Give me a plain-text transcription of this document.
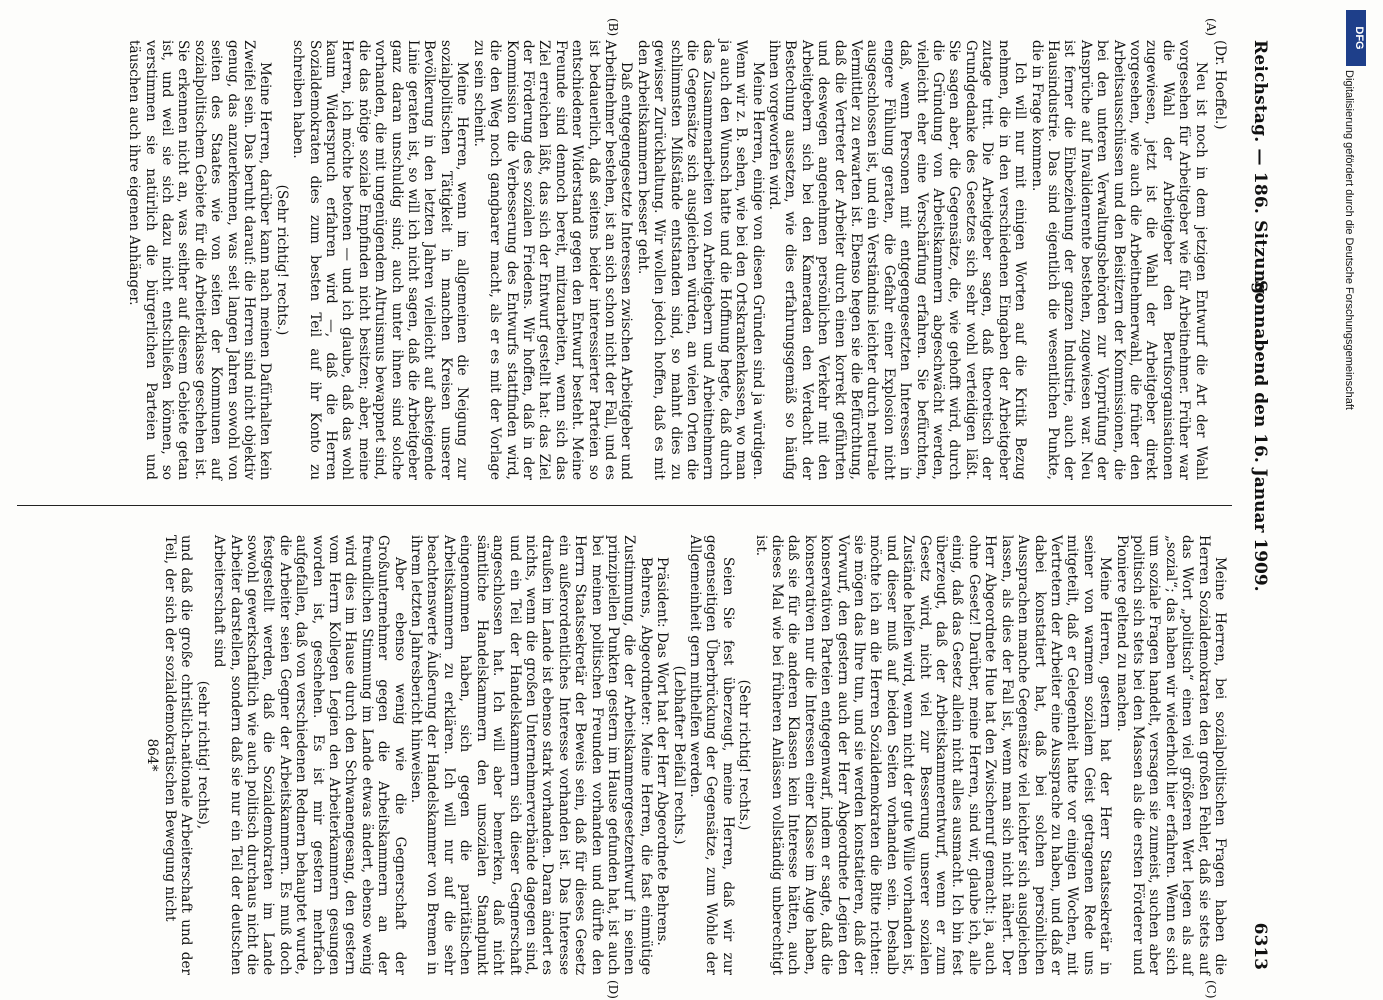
Reichstag. — 186. Sitzung.
Sonnabend den 16. Januar 1909.
6313
(A)
(B)
(C)
(D)

(Dr. Hoeffel.)

Neu ist noch in dem jetzigen Entwurf die Art der Wahl vorgesehen für Arbeitgeber wie für Arbeitnehmer. Früher war die Wahl der Arbeitgeber den Berufsorganisationen zugewiesen, jetzt ist die Wahl der Arbeitgeber direkt vorgesehen, wie auch die Arbeitnehmerwahl, die früher den Arbeitsausschüssen und den Beisitzern der Kommissionen, die bei den unteren Verwaltungsbehörden zur Vorprüfung der Ansprüche auf Invalidenrente bestehen, zugewiesen war. Neu ist ferner die Einbeziehung der ganzen Industrie, auch der Hausindustrie. Das sind eigentlich die wesentlichen Punkte, die in Frage kommen.

Ich will nur mit einigen Worten auf die Kritik Bezug nehmen, die in den verschiedenen Eingaben der Arbeitgeber zutage tritt. Die Arbeitgeber sagen, daß theoretisch der Grundgedanke des Gesetzes sich sehr wohl verteidigen läßt. Sie sagen aber, die Gegensätze, die, wie gehofft wird, durch die Gründung von Arbeitskammern abgeschwächt werden, vielleicht eher eine Verschärfung erfahren. Sie befürchten, daß, wenn Personen mit entgegengesetzten Interessen in engere Fühlung geraten, die Gefahr einer Explosion nicht ausgeschlossen ist, und ein Verständnis leichter durch neutrale Vermittler zu erwarten ist. Ebenso hegen sie die Befürchtung, daß die Vertreter der Arbeiter durch einen korrekt geführten und deswegen angenehmen persönlichen Verkehr mit den Arbeitgebern sich bei den Kameraden den Verdacht der Bestechung aussetzen, wie dies erfahrungsgemäß so häufig ihnen vorgeworfen wird.

Meine Herren, einige von diesen Gründen sind ja würdigen. Wenn wir z. B. sehen, wie bei den Ortskrankenkassen, wo man ja auch den Wunsch hatte und die Hoffnung hegte, daß durch das Zusammenarbeiten von Arbeitgebern und Arbeitnehmern die Gegensätze sich ausgleichen würden, an vielen Orten die schlimmsten Mißstände entstanden sind, so mahnt dies zu gewisser Zurückhaltung. Wir wollen jedoch hoffen, daß es mit den Arbeitskammern besser geht.

Daß entgegengesetzte Interessen zwischen Arbeitgeber und Arbeitnehmer bestehen, ist an sich schon nicht der Fall, und es ist bedauerlich, daß seitens beider interessierter Parteien so entschiedener Widerstand gegen den Entwurf besteht. Meine Freunde sind dennoch bereit, mitzuarbeiten, wenn sich das Ziel erreichen läßt, das sich der Entwurf gestellt hat: das Ziel der Förderung des sozialen Friedens. Wir hoffen, daß in der Kommission die Verbesserung des Entwurfs stattfinden wird, die den Weg noch gangbarer macht, als er es mit der Vorlage zu sein scheint.

Meine Herren, wenn im allgemeinen die Neigung zur sozialpolitischen Tätigkeit in manchen Kreisen unserer Bevölkerung in den letzten Jahren vielleicht auf absteigende Linie geraten ist, so will ich nicht sagen, daß die Arbeitgeber ganz daran unschuldig sind; auch unter ihnen sind solche vorhanden, die mit ungenügendem Altruismus bewappnet sind, die das nötige soziale Empfinden nicht besitzen; aber, meine Herren, ich möchte betonen — und ich glaube, daß das wohl kaum Widerspruch erfahren wird —, daß die Herren Sozialdemokraten dies zum besten Teil auf ihr Konto zu schreiben haben.

(Sehr richtig! rechts.)

Meine Herren, darüber kann nach meinen Dafürhalten kein Zweifel sein. Das beruht darauf: die Herren sind nicht objektiv genug, das anzuerkennen, was seit langen Jahren sowohl von seiten des Staates wie von seiten der Kommunen auf sozialpolitischem Gebiete für die Arbeiterklasse geschehen ist. Sie erkennen nicht an, was seither auf diesem Gebiete getan ist, und weil sie sich dazu nicht entschließen können, so verstimmen sie natürlich die bürgerlichen Parteien und täuschen auch ihre eigenen Anhänger.

Meine Herren, bei sozialpolitischen Fragen haben die Herren Sozialdemokraten den großen Fehler, daß sie stets auf das Wort „politisch“ einen viel größeren Wert legen als auf „sozial“; das haben wir wiederholt hier erfahren. Wenn es sich um soziale Fragen handelt, versagen sie zumeist, suchen aber politisch sich stets bei den Massen als die ersten Förderer und Pioniere geltend zu machen.

Meine Herren, gestern hat der Herr Staatssekretär in seiner von warmem sozialem Geist getragenen Rede uns mitgeteilt, daß er Gelegenheit hatte vor einigen Wochen, mit Vertretern der Arbeiter eine Aussprache zu haben, und daß er dabei konstatiert hat, daß bei solchen persönlichen Aussprachen manche Gegensätze viel leichter sich ausgleichen lassen, als dies der Fall ist, wenn man sich nicht nähert. Der Herr Abgeordnete Hue hat den Zwischenruf gemacht: ja, auch ohne Gesetz! Darüber, meine Herren, sind wir, glaube ich, alle einig, daß das Gesetz allein nicht alles ausmacht. Ich bin fest überzeugt, daß der Arbeitskammerentwurf, wenn er zum Gesetz wird, nicht viel zur Besserung unserer sozialen Zustände helfen wird, wenn nicht der gute Wille vorhanden ist, und dieser muß auf beiden Seiten vorhanden sein. Deshalb möchte ich an die Herren Sozialdemokraten die Bitte richten: sie mögen das Ihre tun, und sie werden konstatieren, daß der Vorwurf, den gestern auch der Herr Abgeordnete Legien den konservativen Parteien entgegenwarf, indem er sagte, daß die konservativen nur die Interessen einer Klasse im Auge haben, daß sie für die anderen Klassen kein Interesse hätten, auch dieses Mal wie bei früheren Anlässen vollständig unberechtigt ist.

(Sehr richtig! rechts.)

Seien Sie fest überzeugt, meine Herren, daß wir zur gegenseitigen Überbrückung der Gegensätze, zum Wohle der Allgemeinheit gern mithelfen werden.

(Lebhafter Beifall rechts.)

Präsident: Das Wort hat der Herr Abgeordnete Behrens.

Behrens, Abgeordneter: Meine Herren, die fast einmütige Zustimmung, die der Arbeitskammergesetzentwurf in seinen prinzipiellen Punkten gestern im Hause gefunden hat, ist auch bei meinen politischen Freunden vorhanden und dürfte den Herrn Staatssekretär der Beweis sein, daß für dieses Gesetz ein außerordentliches Interesse vorhanden ist. Das Interesse draußen im Lande ist ebenso stark vorhanden. Daran ändert es nichts, wenn die großen Unternehmerverbände dagegen sind, und ein Teil der Handelskammern sich dieser Gegnerschaft angeschlossen hat. Ich will aber bemerken, daß nicht sämtliche Handelskammern den unsozialen Standpunkt eingenommen haben, sich gegen die paritätischen Arbeitskammern zu erklären. Ich will nur auf die sehr beachtenswerte Äußerung der Handelskammer von Bremen in ihrem letzten Jahresbericht hinweisen.

Aber ebenso wenig wie die Gegnerschaft der Großunternehmer gegen die Arbeitskammern an der freundlichen Stimmung im Lande etwas ändert, ebenso wenig wird dies im Hause durch den Schwanengesang, den gestern vom Herrn Kollegen Legien den Arbeiterkammern gesungen worden ist, geschehen. Es ist mir gestern mehrfach aufgefallen, daß von verschiedenen Rednern behauptet wurde, die Arbeiter seien Gegner der Arbeitskammern. Es muß doch festgestellt werden, daß die Sozialdemokraten im Lande sowohl gewerkschaftlich wie auch politisch durchaus nicht die Arbeiter darstellen, sondern daß sie nur ein Teil der deutschen Arbeiterschaft sind

(sehr richtig! rechts),

und daß die große christlich-nationale Arbeiterschaft und der Teil, der sich der sozialdemokratischen Bewegung nicht

864*

DFG
Digitalisierung gefördert durch die Deutsche Forschungsgemeinschaft
